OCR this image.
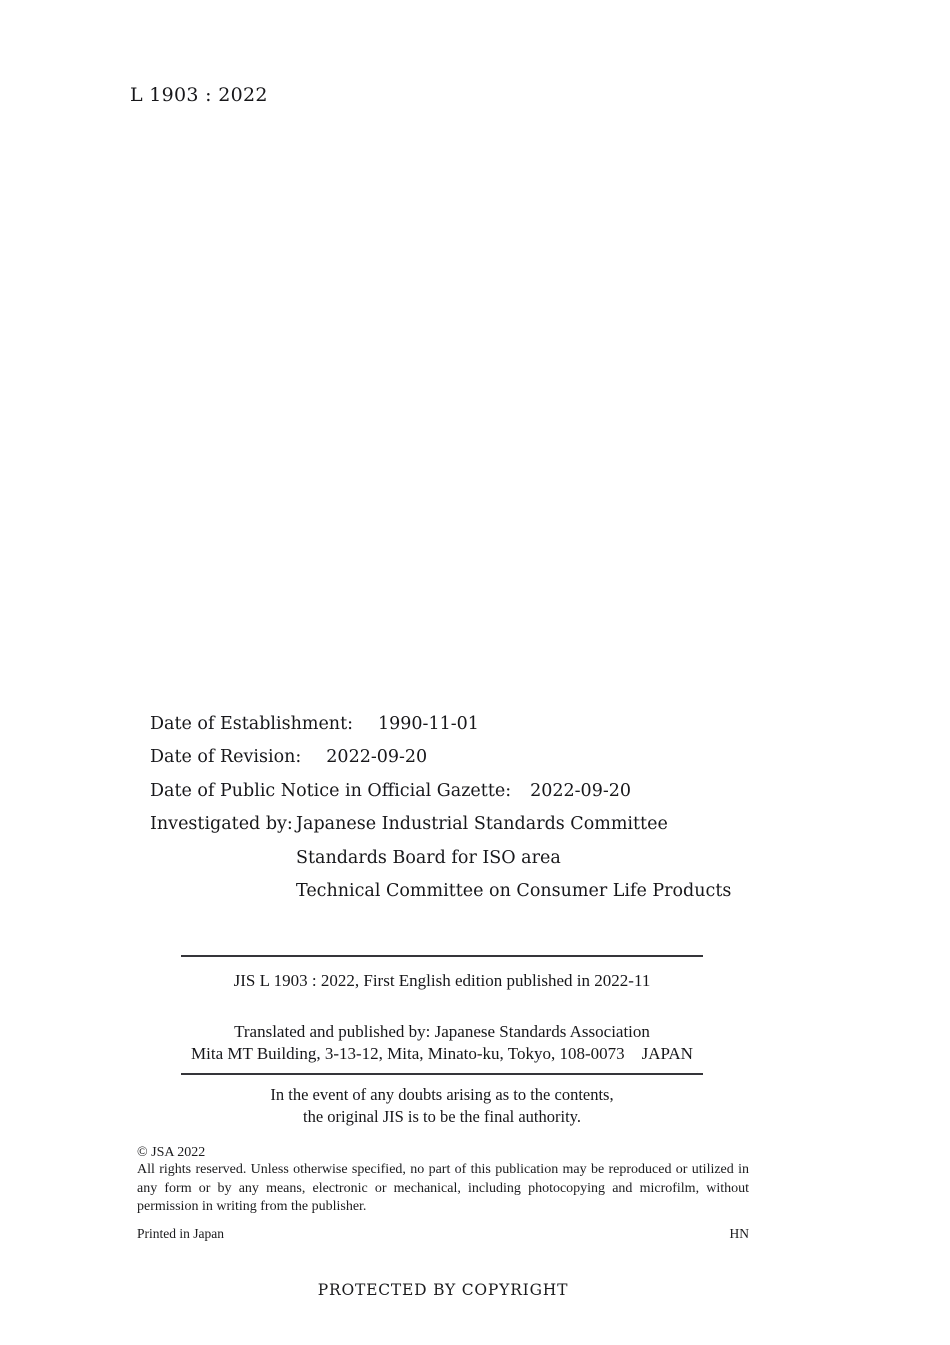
L 1903 : 2022
Date of Establishment: 1990-11-01
Date of Revision: 2022-09-20
Date of Public Notice in Official Gazette: 2022-09-20
Investigated by: Japanese Industrial Standards Committee
Standards Board for ISO area
Technical Committee on Consumer Life Products
JIS L 1903 : 2022, First English edition published in 2022-11
Translated and published by: Japanese Standards Association
Mita MT Building, 3-13-12, Mita, Minato-ku, Tokyo, 108-0073 JAPAN
In the event of any doubts arising as to the contents,
the original JIS is to be the final authority.
© JSA 2022
All rights reserved. Unless otherwise specified, no part of this publication may be reproduced or utilized in any form or by any means, electronic or mechanical, including photocopying and microfilm, without permission in writing from the publisher.
Printed in Japan	HN
PROTECTED BY COPYRIGHT
